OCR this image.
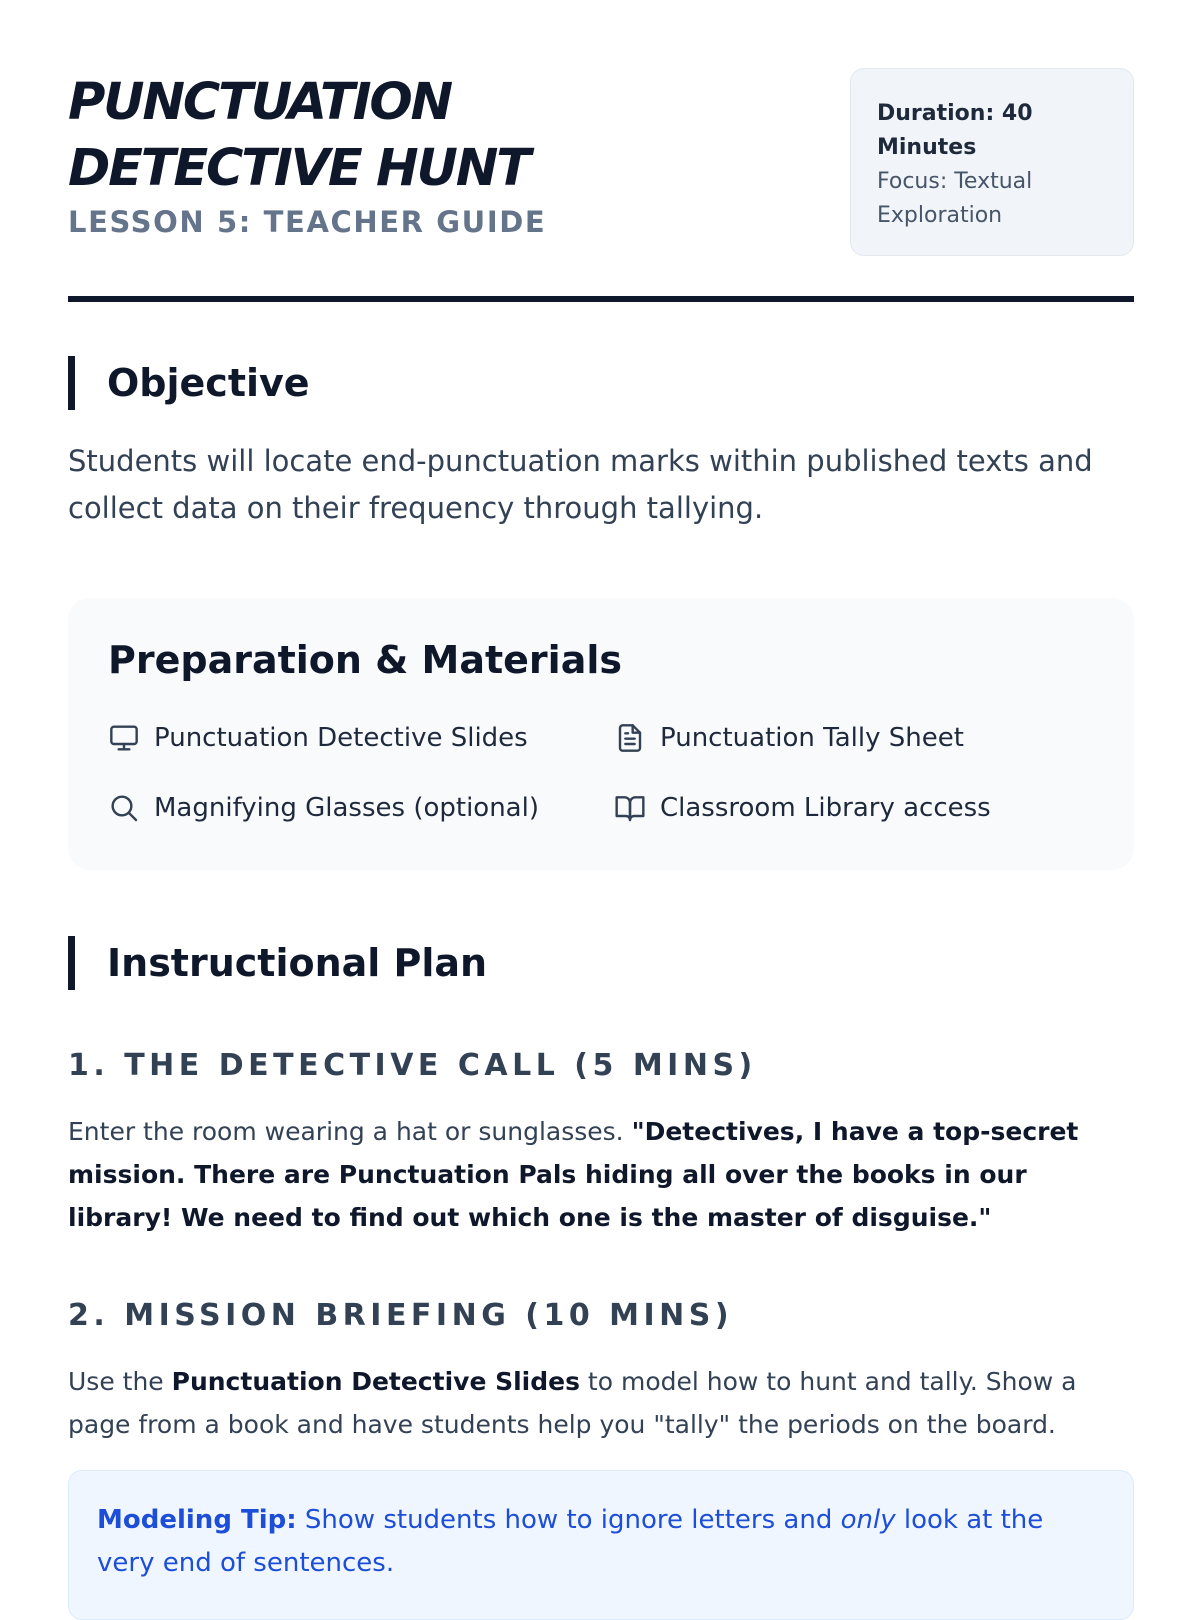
PUNCTUATION
DETECTIVE HUNT
LESSON 5: TEACHER GUIDE
Duration: 40 Minutes
Focus: Textual Exploration
Objective

Students will locate end-punctuation marks within published texts and collect data on their frequency through tallying.

Preparation & Materials
Punctuation Detective Slides	Punctuation Tally Sheet
Magnifying Glasses (optional)	Classroom Library access
Instructional Plan
1. THE DETECTIVE CALL (5 MINS)

Enter the room wearing a hat or sunglasses. "Detectives, I have a top-secret mission. There are Punctuation Pals hiding all over the books in our library! We need to find out which one is the master of disguise."

2. MISSION BRIEFING (10 MINS)

Use the Punctuation Detective Slides to model how to hunt and tally. Show a page from a book and have students help you "tally" the periods on the board.

Modeling Tip: Show students how to ignore letters and only look at the very end of sentences.
